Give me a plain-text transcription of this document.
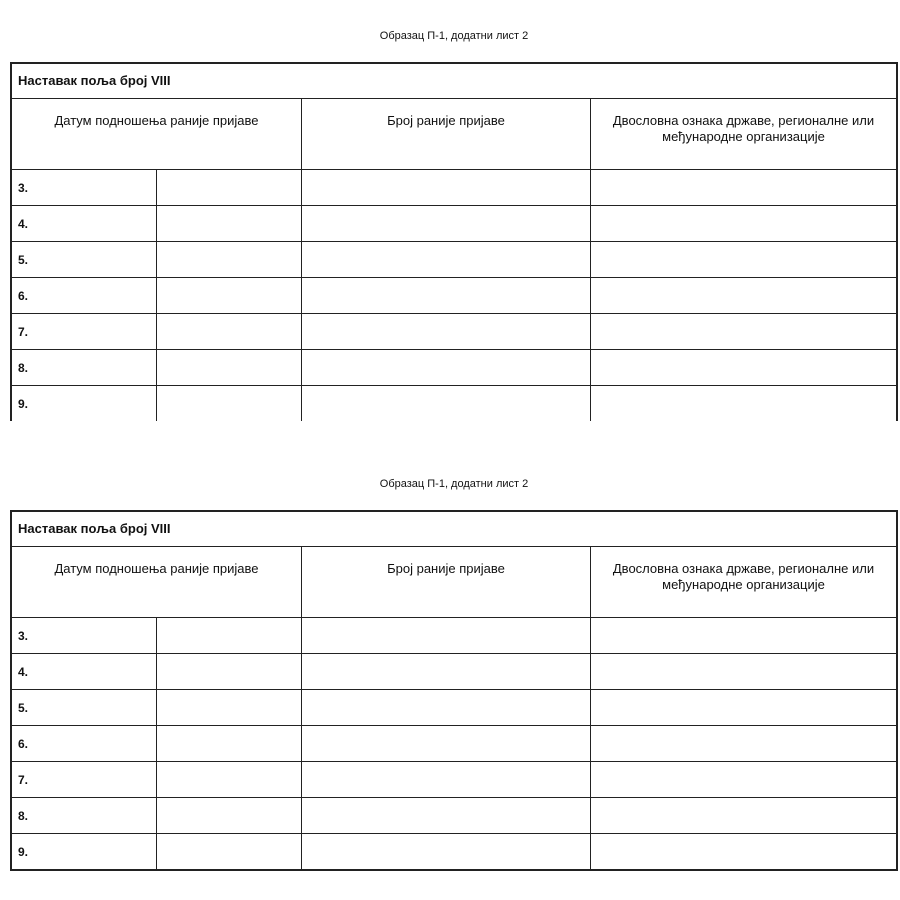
Образац П-1, додатни лист 2
Наставак поља број VIII
Датум подношења раније пријаве		Број раније пријаве	Двословна ознака државе, регионалне или међународне организације
3.			
4.			
5.			
6.			
7.			
8.			
9.			
Образац П-1, додатни лист 2
Наставак поља број VIII
Датум подношења раније пријаве		Број раније пријаве	Двословна ознака државе, регионалне или међународне организације
3.			
4.			
5.			
6.			
7.			
8.			
9.			
